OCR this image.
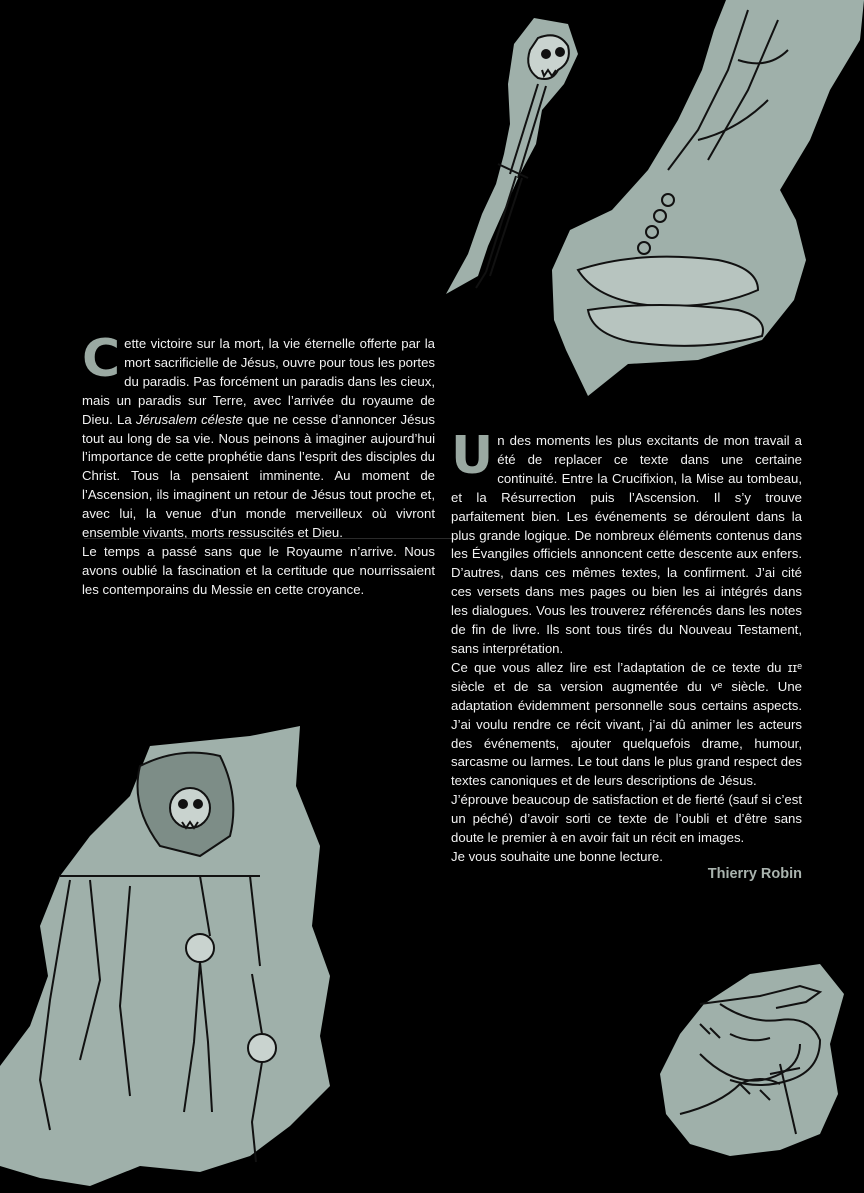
Cette victoire sur la mort, la vie éternelle offerte par la mort sacrificielle de Jésus, ouvre pour tous les portes du paradis. Pas forcément un paradis dans les cieux, mais un paradis sur Terre, avec l’arrivée du royaume de Dieu. La Jérusalem céleste que ne cesse d’annoncer Jésus tout au long de sa vie. Nous peinons à imaginer aujourd’hui l’importance de cette prophétie dans l’esprit des disciples du Christ. Tous la pensaient imminente. Au moment de l’Ascension, ils imaginent un retour de Jésus tout proche et, avec lui, la venue d’un monde merveilleux où vivront ensemble vivants, morts ressuscités et Dieu.

Le temps a passé sans que le Royaume n’arrive. Nous avons oublié la fascination et la certitude que nourrissaient les contemporains du Messie en cette croyance.

Un des moments les plus excitants de mon travail a été de replacer ce texte dans une certaine continuité. Entre la Crucifixion, la Mise au tombeau, et la Résurrection puis l’Ascension. Il s’y trouve parfaitement bien. Les événements se déroulent dans la plus grande logique. De nombreux éléments contenus dans les Évangiles officiels annoncent cette descente aux enfers. D’autres, dans ces mêmes textes, la confirment. J’ai cité ces versets dans mes pages ou bien les ai intégrés dans les dialogues. Vous les trouverez référencés dans les notes de fin de livre. Ils sont tous tirés du Nouveau Testament, sans interprétation.

Ce que vous allez lire est l’adaptation de ce texte du ɪɪᵉ siècle et de sa version augmentée du ᴠᵉ siècle. Une adaptation évidemment personnelle sous certains aspects. J’ai voulu rendre ce récit vivant, j’ai dû animer les acteurs des événements, ajouter quelquefois drame, humour, sarcasme ou larmes. Le tout dans le plus grand respect des textes canoniques et de leurs descriptions de Jésus.

J’éprouve beaucoup de satisfaction et de fierté (sauf si c’est un péché) d’avoir sorti ce texte de l’oubli et d’être sans doute le premier à en avoir fait un récit en images.

Je vous souhaite une bonne lecture.

Thierry Robin
